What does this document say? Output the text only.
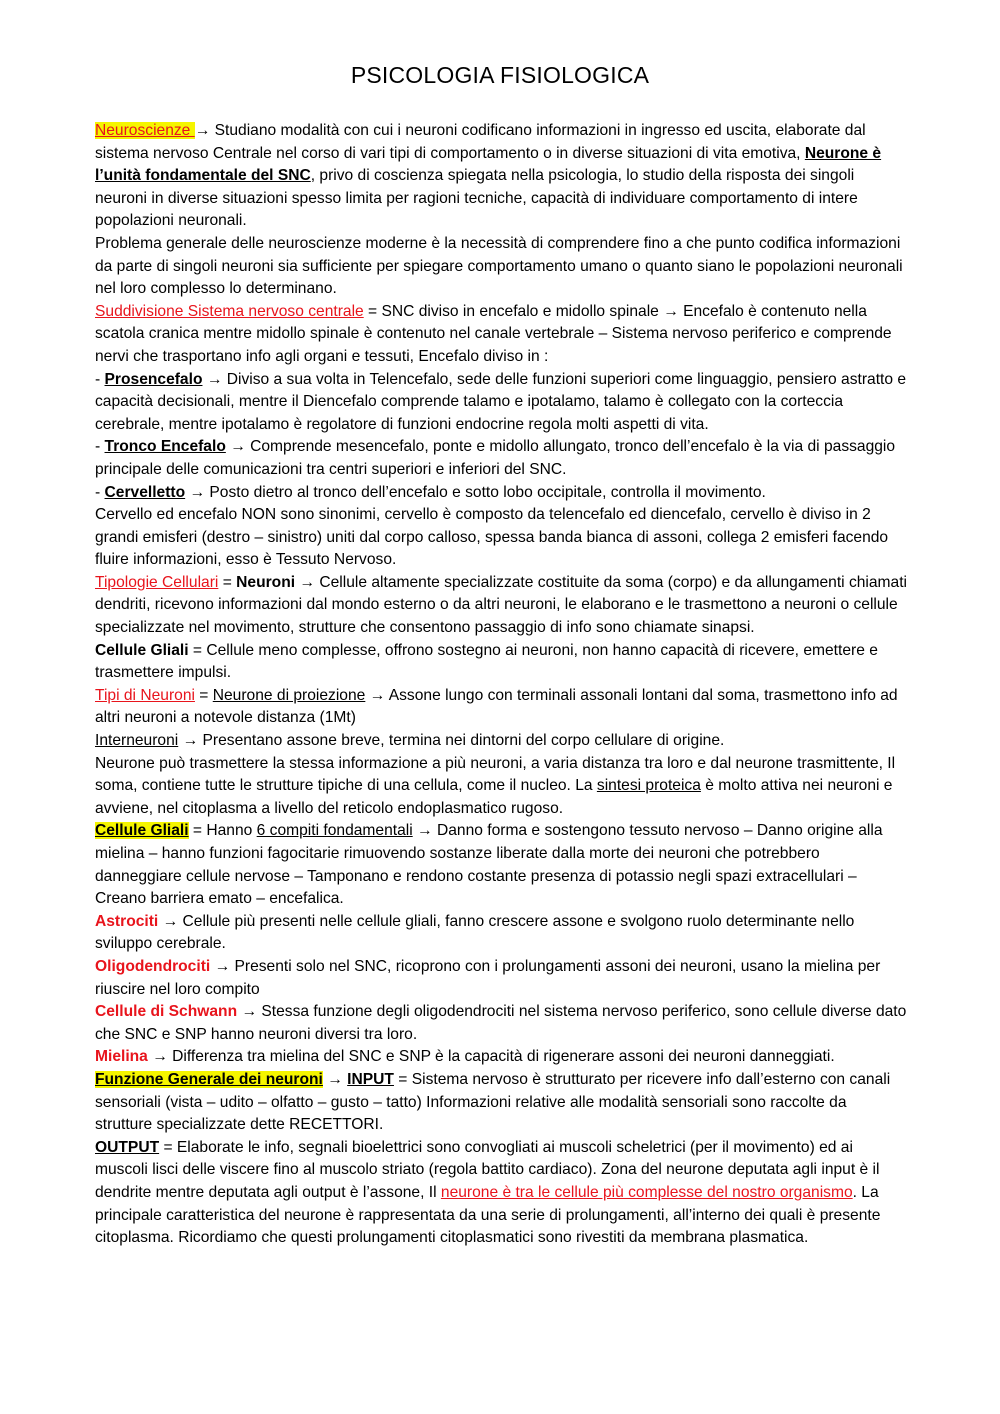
PSICOLOGIA FISIOLOGICA

Neuroscienze → Studiano modalità con cui i neuroni codificano informazioni in ingresso ed uscita, elaborate dal sistema nervoso Centrale nel corso di vari tipi di comportamento o in diverse situazioni di vita emotiva, Neurone è l’unità fondamentale del SNC, privo di coscienza spiegata nella psicologia, lo studio della risposta dei singoli neuroni in diverse situazioni spesso limita per ragioni tecniche, capacità di individuare comportamento di intere popolazioni neuronali.

Problema generale delle neuroscienze moderne è la necessità di comprendere fino a che punto codifica informazioni da parte di singoli neuroni sia sufficiente per spiegare comportamento umano o quanto siano le popolazioni neuronali nel loro complesso lo determinano.

Suddivisione Sistema nervoso centrale = SNC diviso in encefalo e midollo spinale → Encefalo è contenuto nella scatola cranica mentre midollo spinale è contenuto nel canale vertebrale – Sistema nervoso periferico e comprende nervi che trasportano info agli organi e tessuti, Encefalo diviso in :

- Prosencefalo → Diviso a sua volta in Telencefalo, sede delle funzioni superiori come linguaggio, pensiero astratto e capacità decisionali, mentre il Diencefalo comprende talamo e ipotalamo, talamo è collegato con la corteccia cerebrale, mentre ipotalamo è regolatore di funzioni endocrine regola molti aspetti di vita.

- Tronco Encefalo → Comprende mesencefalo, ponte e midollo allungato, tronco dell’encefalo è la via di passaggio principale delle comunicazioni tra centri superiori e inferiori del SNC.

- Cervelletto → Posto dietro al tronco dell’encefalo e sotto lobo occipitale, controlla il movimento.

Cervello ed encefalo NON sono sinonimi, cervello è composto da telencefalo ed diencefalo, cervello è diviso in 2 grandi emisferi (destro – sinistro) uniti dal corpo calloso, spessa banda bianca di assoni, collega 2 emisferi facendo fluire informazioni, esso è Tessuto Nervoso.

Tipologie Cellulari = Neuroni → Cellule altamente specializzate costituite da soma (corpo) e da allungamenti chiamati dendriti, ricevono informazioni dal mondo esterno o da altri neuroni, le elaborano e le trasmettono a neuroni o cellule specializzate nel movimento, strutture che consentono passaggio di info sono chiamate sinapsi.

Cellule Gliali = Cellule meno complesse, offrono sostegno ai neuroni, non hanno capacità di ricevere, emettere e trasmettere impulsi.

Tipi di Neuroni = Neurone di proiezione → Assone lungo con terminali assonali lontani dal soma, trasmettono info ad altri neuroni a notevole distanza (1Mt)

Interneuroni → Presentano assone breve, termina nei dintorni del corpo cellulare di origine.

Neurone può trasmettere la stessa informazione a più neuroni, a varia distanza tra loro e dal neurone trasmittente, Il soma, contiene tutte le strutture tipiche di una cellula, come il nucleo. La sintesi proteica è molto attiva nei neuroni e avviene, nel citoplasma a livello del reticolo endoplasmatico rugoso.

Cellule Gliali = Hanno 6 compiti fondamentali → Danno forma e sostengono tessuto nervoso – Danno origine alla mielina – hanno funzioni fagocitarie rimuovendo sostanze liberate dalla morte dei neuroni che potrebbero danneggiare cellule nervose – Tamponano e rendono costante presenza di potassio negli spazi extracellulari – Creano barriera emato – encefalica.

Astrociti → Cellule più presenti nelle cellule gliali, fanno crescere assone e svolgono ruolo determinante nello sviluppo cerebrale.

Oligodendrociti → Presenti solo nel SNC, ricoprono con i prolungamenti assoni dei neuroni, usano la mielina per riuscire nel loro compito

Cellule di Schwann → Stessa funzione degli oligodendrociti nel sistema nervoso periferico, sono cellule diverse dato che SNC e SNP hanno neuroni diversi tra loro.

Mielina → Differenza tra mielina del SNC e SNP è la capacità di rigenerare assoni dei neuroni danneggiati.

Funzione Generale dei neuroni → INPUT = Sistema nervoso è strutturato per ricevere info dall’esterno con canali sensoriali (vista – udito – olfatto – gusto – tatto) Informazioni relative alle modalità sensoriali sono raccolte da strutture specializzate dette RECETTORI.

OUTPUT = Elaborate le info, segnali bioelettrici sono convogliati ai muscoli scheletrici (per il movimento) ed ai muscoli lisci delle viscere fino al muscolo striato (regola battito cardiaco). Zona del neurone deputata agli input è il dendrite mentre deputata agli output è l’assone, Il neurone è tra le cellule più complesse del nostro organismo. La principale caratteristica del neurone è rappresentata da una serie di prolungamenti, all’interno dei quali è presente citoplasma. Ricordiamo che questi prolungamenti citoplasmatici sono rivestiti da membrana plasmatica.
